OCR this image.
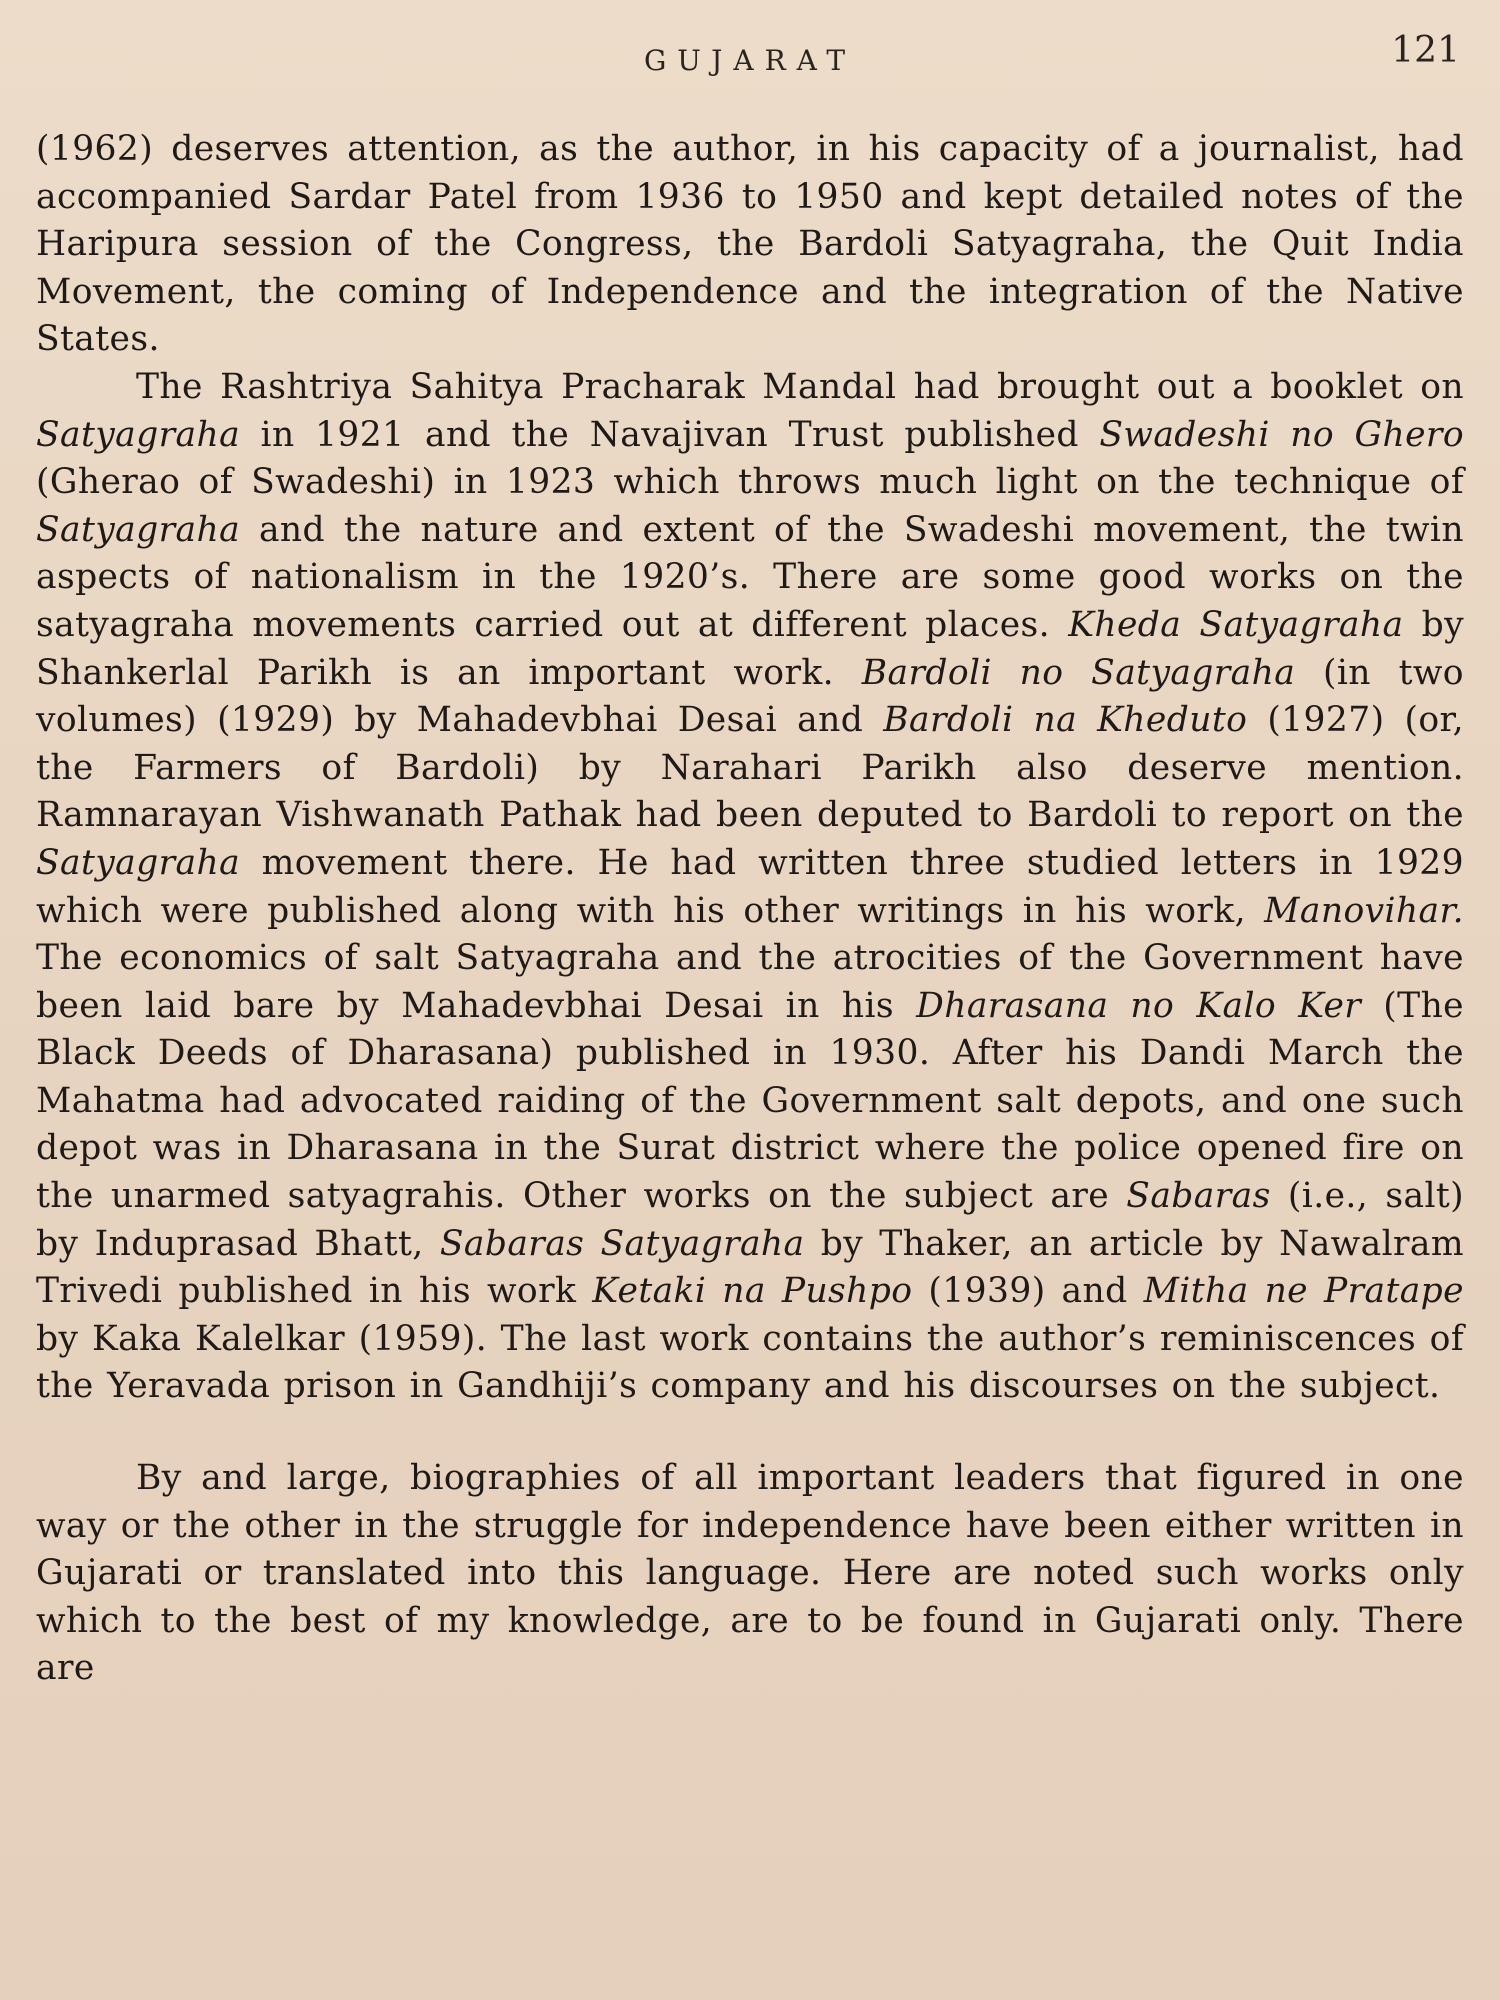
GUJARAT	121

(1962) deserves attention, as the author, in his capacity of a journalist, had accompanied Sardar Patel from 1936 to 1950 and kept detailed notes of the Haripura session of the Congress, the Bardoli Satyagraha, the Quit India Movement, the coming of Independence and the integration of the Native States.

The Rashtriya Sahitya Pracharak Mandal had brought out a booklet on Satyagraha in 1921 and the Navajivan Trust published Swadeshi no Ghero (Gherao of Swadeshi) in 1923 which throws much light on the technique of Satyagraha and the nature and extent of the Swadeshi movement, the twin aspects of nationalism in the 1920’s. There are some good works on the satyagraha movements carried out at different places. Kheda Satyagraha by Shankerlal Parikh is an important work. Bardoli no Satyagraha (in two volumes) (1929) by Mahadevbhai Desai and Bardoli na Kheduto (1927) (or, the Farmers of Bardoli) by Narahari Parikh also deserve mention. Ramnarayan Vishwanath Pathak had been deputed to Bardoli to report on the Satyagraha movement there. He had written three studied letters in 1929 which were published along with his other writings in his work, Manovihar. The economics of salt Satyagraha and the atrocities of the Government have been laid bare by Mahadevbhai Desai in his Dharasana no Kalo Ker (The Black Deeds of Dharasana) published in 1930. After his Dandi March the Mahatma had advocated raiding of the Government salt depots, and one such depot was in Dharasana in the Surat district where the police opened fire on the unarmed satyagrahis. Other works on the subject are Sabaras (i.e., salt) by Induprasad Bhatt, Sabaras Satyagraha by Thaker, an article by Nawalram Trivedi published in his work Ketaki na Pushpo (1939) and Mitha ne Pratape by Kaka Kalelkar (1959). The last work contains the author’s reminiscences of the Yeravada prison in Gandhiji’s company and his discourses on the subject.

By and large, biographies of all important leaders that figured in one way or the other in the struggle for independence have been either written in Gujarati or translated into this language. Here are noted such works only which to the best of my knowledge, are to be found in Gujarati only. There are
